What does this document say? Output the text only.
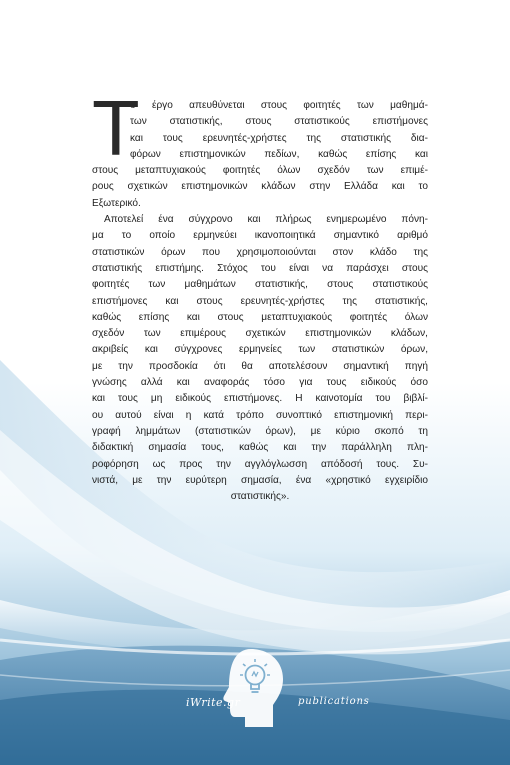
Τ
ο έργο απευθύνεται στους φοιτητές των μαθημά-
των στατιστικής, στους στατιστικούς επιστήμονες
και τους ερευνητές-χρήστες της στατιστικής δια-
φόρων επιστημονικών πεδίων, καθώς επίσης και
στους μεταπτυχιακούς φοιτητές όλων σχεδόν των επιμέ-
ρους σχετικών επιστημονικών κλάδων στην Ελλάδα και το
Εξωτερικό.
Αποτελεί ένα σύγχρονο και πλήρως ενημερωμένο πόνη-
μα το οποίο ερμηνεύει ικανοποιητικά σημαντικό αριθμό
στατιστικών όρων που χρησιμοποιούνται στον κλάδο της
στατιστικής επιστήμης. Στόχος του είναι να παράσχει στους
φοιτητές των μαθημάτων στατιστικής, στους στατιστικούς
επιστήμονες και στους ερευνητές-χρήστες της στατιστικής,
καθώς επίσης και στους μεταπτυχιακούς φοιτητές όλων
σχεδόν των επιμέρους σχετικών επιστημονικών κλάδων,
ακριβείς και σύγχρονες ερμηνείες των στατιστικών όρων,
με την προσδοκία ότι θα αποτελέσουν σημαντική πηγή
γνώσης αλλά και αναφοράς τόσο για τους ειδικούς όσο
και τους μη ειδικούς επιστήμονες. Η καινοτομία του βιβλί-
ου αυτού είναι η κατά τρόπο συνοπτικό επιστημονική περι-
γραφή λημμάτων (στατιστικών όρων), με κύριο σκοπό τη
διδακτική σημασία τους, καθώς και την παράλληλη πλη-
ροφόρηση ως προς την αγγλόγλωσση απόδοσή τους. Συ-
νιστά, με την ευρύτερη σημασία, ένα «χρηστικό εγχειρίδιο
στατιστικής».
iWrite.gr	publications
